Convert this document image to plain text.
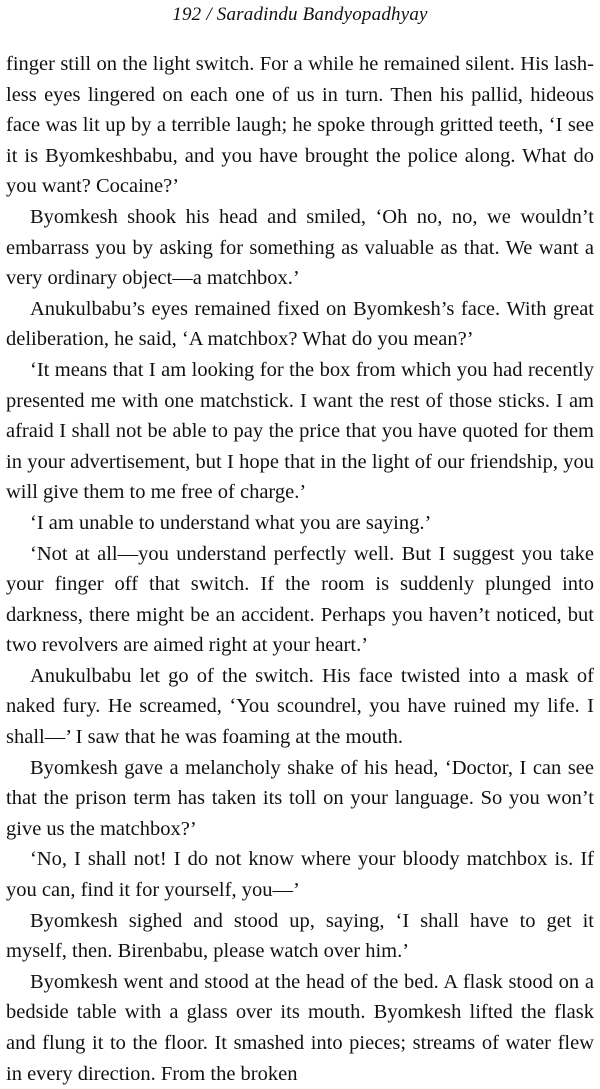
192 / Saradindu Bandyopadhyay

finger still on the light switch. For a while he remained silent. His lash-less eyes lingered on each one of us in turn. Then his pallid, hideous face was lit up by a terrible laugh; he spoke through gritted teeth, ‘I see it is Byomkeshbabu, and you have brought the police along. What do you want? Cocaine?’

Byomkesh shook his head and smiled, ‘Oh no, no, we wouldn’t embarrass you by asking for something as valuable as that. We want a very ordinary object—a matchbox.’

Anukulbabu’s eyes remained fixed on Byomkesh’s face. With great deliberation, he said, ‘A matchbox? What do you mean?’

‘It means that I am looking for the box from which you had recently presented me with one matchstick. I want the rest of those sticks. I am afraid I shall not be able to pay the price that you have quoted for them in your advertisement, but I hope that in the light of our friendship, you will give them to me free of charge.’

‘I am unable to understand what you are saying.’

‘Not at all—you understand perfectly well. But I suggest you take your finger off that switch. If the room is suddenly plunged into darkness, there might be an accident. Perhaps you haven’t noticed, but two revolvers are aimed right at your heart.’

Anukulbabu let go of the switch. His face twisted into a mask of naked fury. He screamed, ‘You scoundrel, you have ruined my life. I shall—’ I saw that he was foaming at the mouth.

Byomkesh gave a melancholy shake of his head, ‘Doctor, I can see that the prison term has taken its toll on your language. So you won’t give us the matchbox?’

‘No, I shall not! I do not know where your bloody matchbox is. If you can, find it for yourself, you—’

Byomkesh sighed and stood up, saying, ‘I shall have to get it myself, then. Birenbabu, please watch over him.’

Byomkesh went and stood at the head of the bed. A flask stood on a bedside table with a glass over its mouth. Byomkesh lifted the flask and flung it to the floor. It smashed into pieces; streams of water flew in every direction. From the broken
